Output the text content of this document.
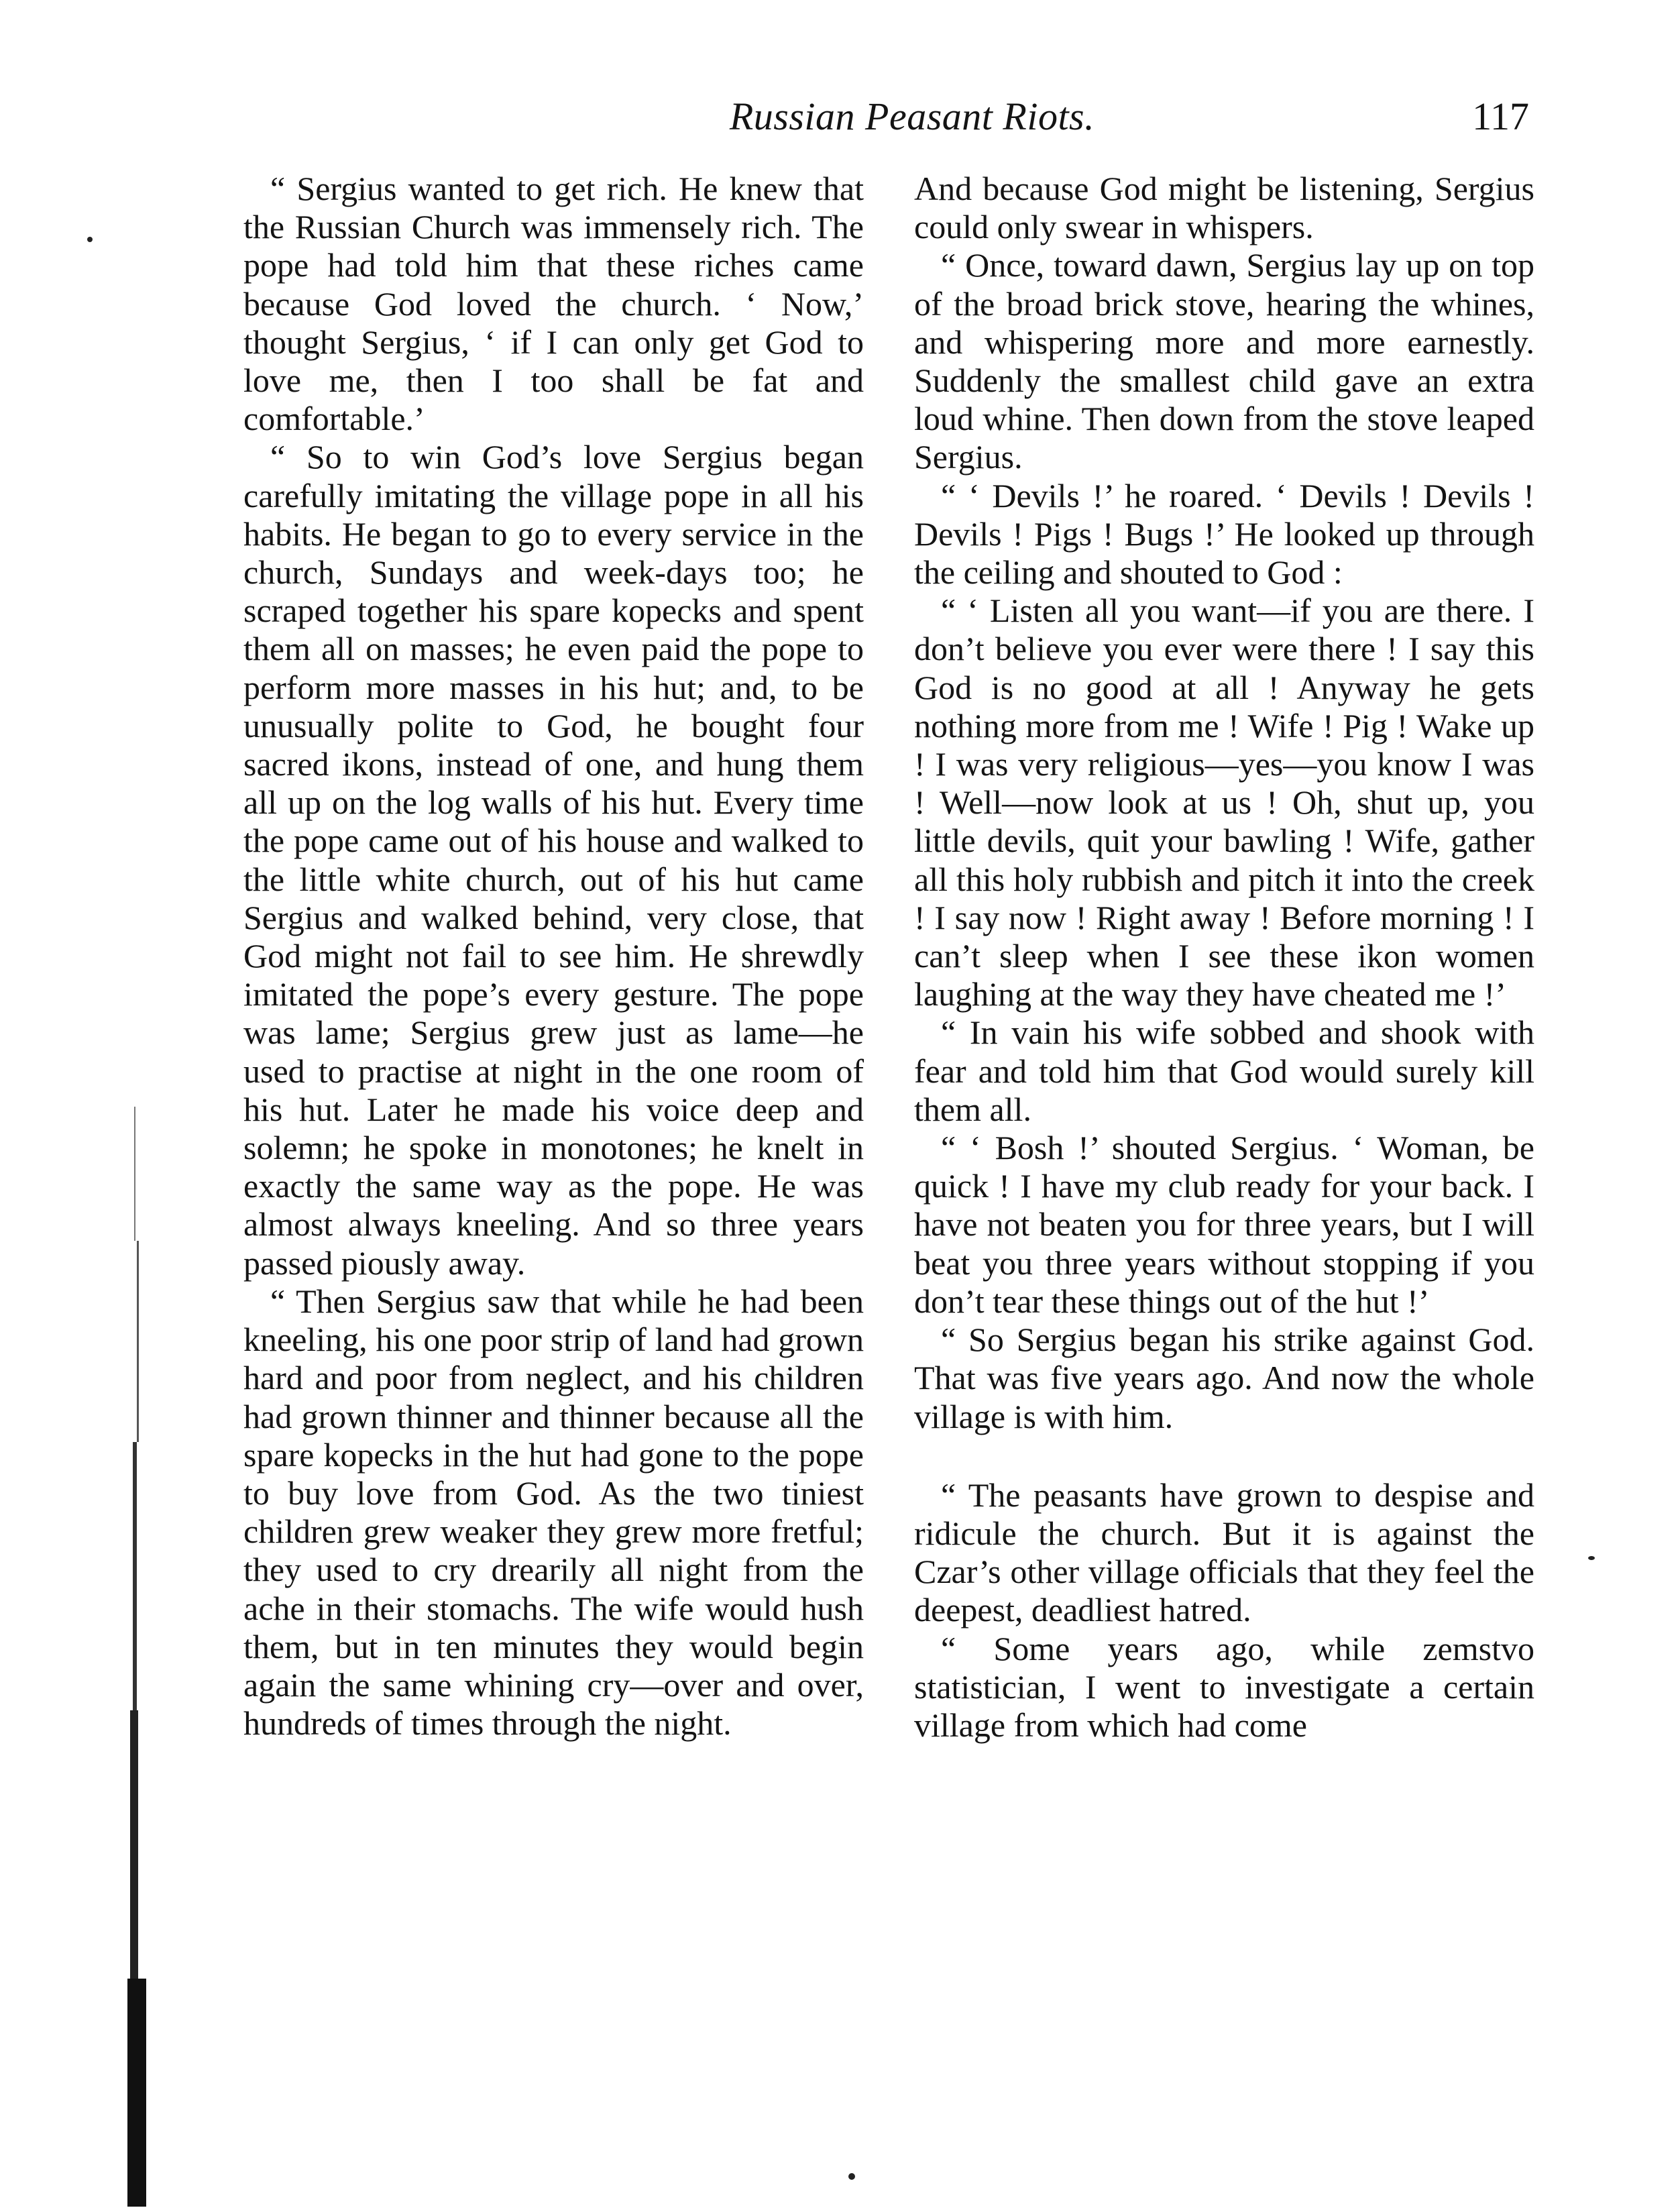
Russian Peasant Riots.	117

“ Sergius wanted to get rich. He knew that the Russian Church was immensely rich. The pope had told him that these riches came because God loved the church. ‘ Now,’ thought Sergius, ‘ if I can only get God to love me, then I too shall be fat and comfortable.’

“ So to win God’s love Sergius began carefully imitating the village pope in all his habits. He began to go to every service in the church, Sundays and week-days too; he scraped together his spare kopecks and spent them all on masses; he even paid the pope to perform more masses in his hut; and, to be unusually polite to God, he bought four sacred ikons, instead of one, and hung them all up on the log walls of his hut. Every time the pope came out of his house and walked to the little white church, out of his hut came Sergius and walked behind, very close, that God might not fail to see him. He shrewdly imitated the pope’s every gesture. The pope was lame; Sergius grew just as lame—he used to practise at night in the one room of his hut. Later he made his voice deep and solemn; he spoke in monotones; he knelt in exactly the same way as the pope. He was almost always kneeling. And so three years passed piously away.

“ Then Sergius saw that while he had been kneeling, his one poor strip of land had grown hard and poor from neglect, and his children had grown thinner and thinner because all the spare kopecks in the hut had gone to the pope to buy love from God. As the two tiniest children grew weaker they grew more fretful; they used to cry drearily all night from the ache in their stomachs. The wife would hush them, but in ten minutes they would begin again the same whining cry—over and over, hundreds of times through the night.

And because God might be listening, Sergius could only swear in whispers.

“ Once, toward dawn, Sergius lay up on top of the broad brick stove, hearing the whines, and whispering more and more earnestly. Suddenly the smallest child gave an extra loud whine. Then down from the stove leaped Sergius.

“ ‘ Devils !’ he roared. ‘ Devils ! Devils ! Devils ! Pigs ! Bugs !’ He looked up through the ceiling and shouted to God :

“ ‘ Listen all you want—if you are there. I don’t believe you ever were there ! I say this God is no good at all ! Anyway he gets nothing more from me ! Wife ! Pig ! Wake up ! I was very religious—yes—you know I was ! Well—now look at us ! Oh, shut up, you little devils, quit your bawling ! Wife, gather all this holy rubbish and pitch it into the creek ! I say now ! Right away ! Before morning ! I can’t sleep when I see these ikon women laughing at the way they have cheated me !’

“ In vain his wife sobbed and shook with fear and told him that God would surely kill them all.

“ ‘ Bosh !’ shouted Sergius. ‘ Woman, be quick ! I have my club ready for your back. I have not beaten you for three years, but I will beat you three years without stopping if you don’t tear these things out of the hut !’

“ So Sergius began his strike against God. That was five years ago. And now the whole village is with him.

“ The peasants have grown to despise and ridicule the church. But it is against the Czar’s other village officials that they feel the deepest, deadliest hatred.

“ Some years ago, while zemstvo statistician, I went to investigate a certain village from which had come
